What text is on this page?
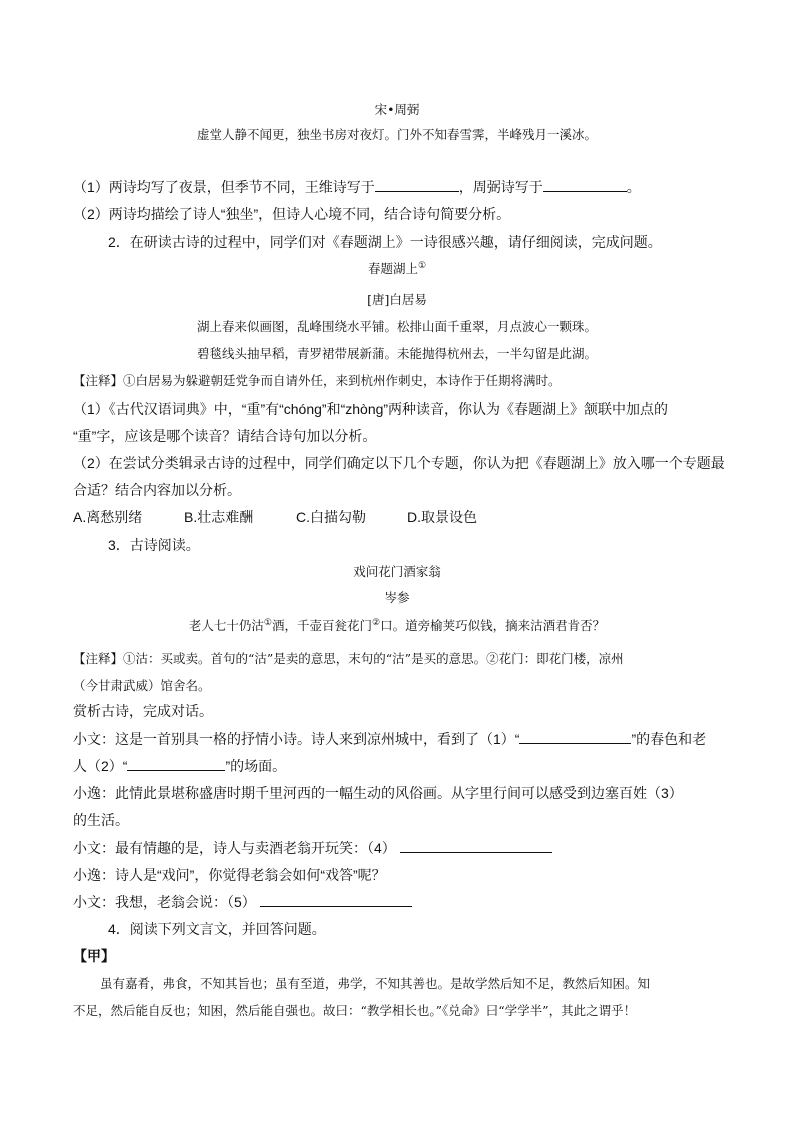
宋•周弼
虚堂人静不闻更，独坐书房对夜灯。门外不知春雪霁，半峰残月一溪冰。
（1）两诗均写了夜景，但季节不同，王维诗写于	，周弼诗写于	。
（2）两诗均描绘了诗人“独坐”，但诗人心境不同，结合诗句简要分析。
2．在研读古诗的过程中，同学们对《春题湖上》一诗很感兴趣，请仔细阅读，完成问题。
春题湖上①
[唐]白居易
湖上春来似画图，乱峰围绕水平铺。松排山面千重翠，月点波心一颗珠。
碧毯线头抽早稻，青罗裙带展新蒲。未能抛得杭州去，一半勾留是此湖。
【注释】①白居易为躲避朝廷党争而自请外任，来到杭州作刺史，本诗作于任期将满时。
（1）《古代汉语词典》中，“重”有“chóng”和“zhòng”两种读音，你认为《春题湖上》颔联中加点的
“重”字，应该是哪个读音？请结合诗句加以分析。
（2）在尝试分类辑录古诗的过程中，同学们确定以下几个专题，你认为把《春题湖上》放入哪一个专题最
合适？结合内容加以分析。
A.离愁别绪	B.壮志难酬	C.白描勾勒	D.取景设色
3．古诗阅读。
戏问花门酒家翁
岑参
老人七十仍沽①酒，千壶百瓮花门②口。道旁榆荚巧似钱，摘来沽酒君肯否？
【注释】①沽：买或卖。首句的“沽”是卖的意思，末句的“沽”是买的意思。②花门：即花门楼，凉州
（今甘肃武威）馆舍名。
赏析古诗，完成对话。
小文：这是一首别具一格的抒情小诗。诗人来到凉州城中，看到了（1）“	”的春色和老
人（2）“	”的场面。
小逸：此情此景堪称盛唐时期千里河西的一幅生动的风俗画。从字里行间可以感受到边塞百姓（3）
的生活。
小文：最有情趣的是，诗人与卖酒老翁开玩笑：（4）
小逸：诗人是“戏问”，你觉得老翁会如何“戏答”呢？
小文：我想，老翁会说：（5）
4．阅读下列文言文，并回答问题。
【甲】
虽有嘉肴，弗食，不知其旨也；虽有至道，弗学，不知其善也。是故学然后知不足，教然后知困。知
不足，然后能自反也；知困，然后能自强也。故曰：“教学相长也。”《兑命》曰“学学半”，其此之谓乎！
